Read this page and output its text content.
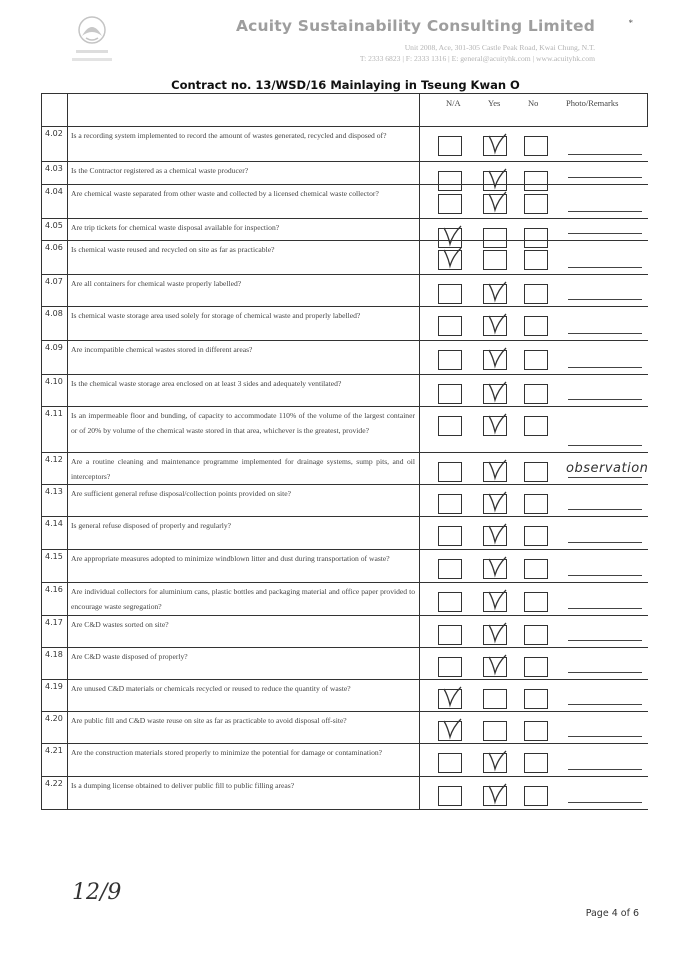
Acuity Sustainability Consulting Limited	*
Unit 2008, Ace, 301-305 Castle Peak Road, Kwai Chung, N.T.
T: 2333 6823 | F: 2333 1316 | E: general@acuityhk.com | www.acuityhk.com
Contract no. 13/WSD/16 Mainlaying in Tseung Kwan O

		N/A Yes No Photo/Remarks

4.02	Is a recording system implemented to record the amount of wastes generated, recycled and disposed of?	

4.03	Is the Contractor registered as a chemical waste producer?	

4.04	Are chemical waste separated from other waste and collected by a licensed chemical waste collector?	

4.05	Are trip tickets for chemical waste disposal available for inspection?	

4.06	Is chemical waste reused and recycled on site as far as practicable?	

4.07	Are all containers for chemical waste properly labelled?	

4.08	Is chemical waste storage area used solely for storage of chemical waste and properly labelled?	

4.09	Are incompatible chemical wastes stored in different areas?	

4.10	Is the chemical waste storage area enclosed on at least 3 sides and adequately ventilated?	

4.11	Is an impermeable floor and bunding, of capacity to accommodate 110% of the volume of the largest container or of 20% by volume of the chemical waste stored in that area, whichever is the greatest, provide?	

4.12	Are a routine cleaning and maintenance programme implemented for drainage systems, sump pits, and oil interceptors?	observation

4.13	Are sufficient general refuse disposal/collection points provided on site?	

4.14	Is general refuse disposed of properly and regularly?	

4.15	Are appropriate measures adopted to minimize windblown litter and dust during transportation of waste?	

4.16	Are individual collectors for aluminium cans, plastic bottles and packaging material and office paper provided to encourage waste segregation?	

4.17	Are C&D wastes sorted on site?	

4.18	Are C&D waste disposed of properly?	

4.19	Are unused C&D materials or chemicals recycled or reused to reduce the quantity of waste?	

4.20	Are public fill and C&D waste reuse on site as far as practicable to avoid disposal off-site?	

4.21	Are the construction materials stored properly to minimize the potential for damage or contamination?	

4.22	Is a dumping license obtained to deliver public fill to public filling areas?	
12/9
Page 4 of 6
